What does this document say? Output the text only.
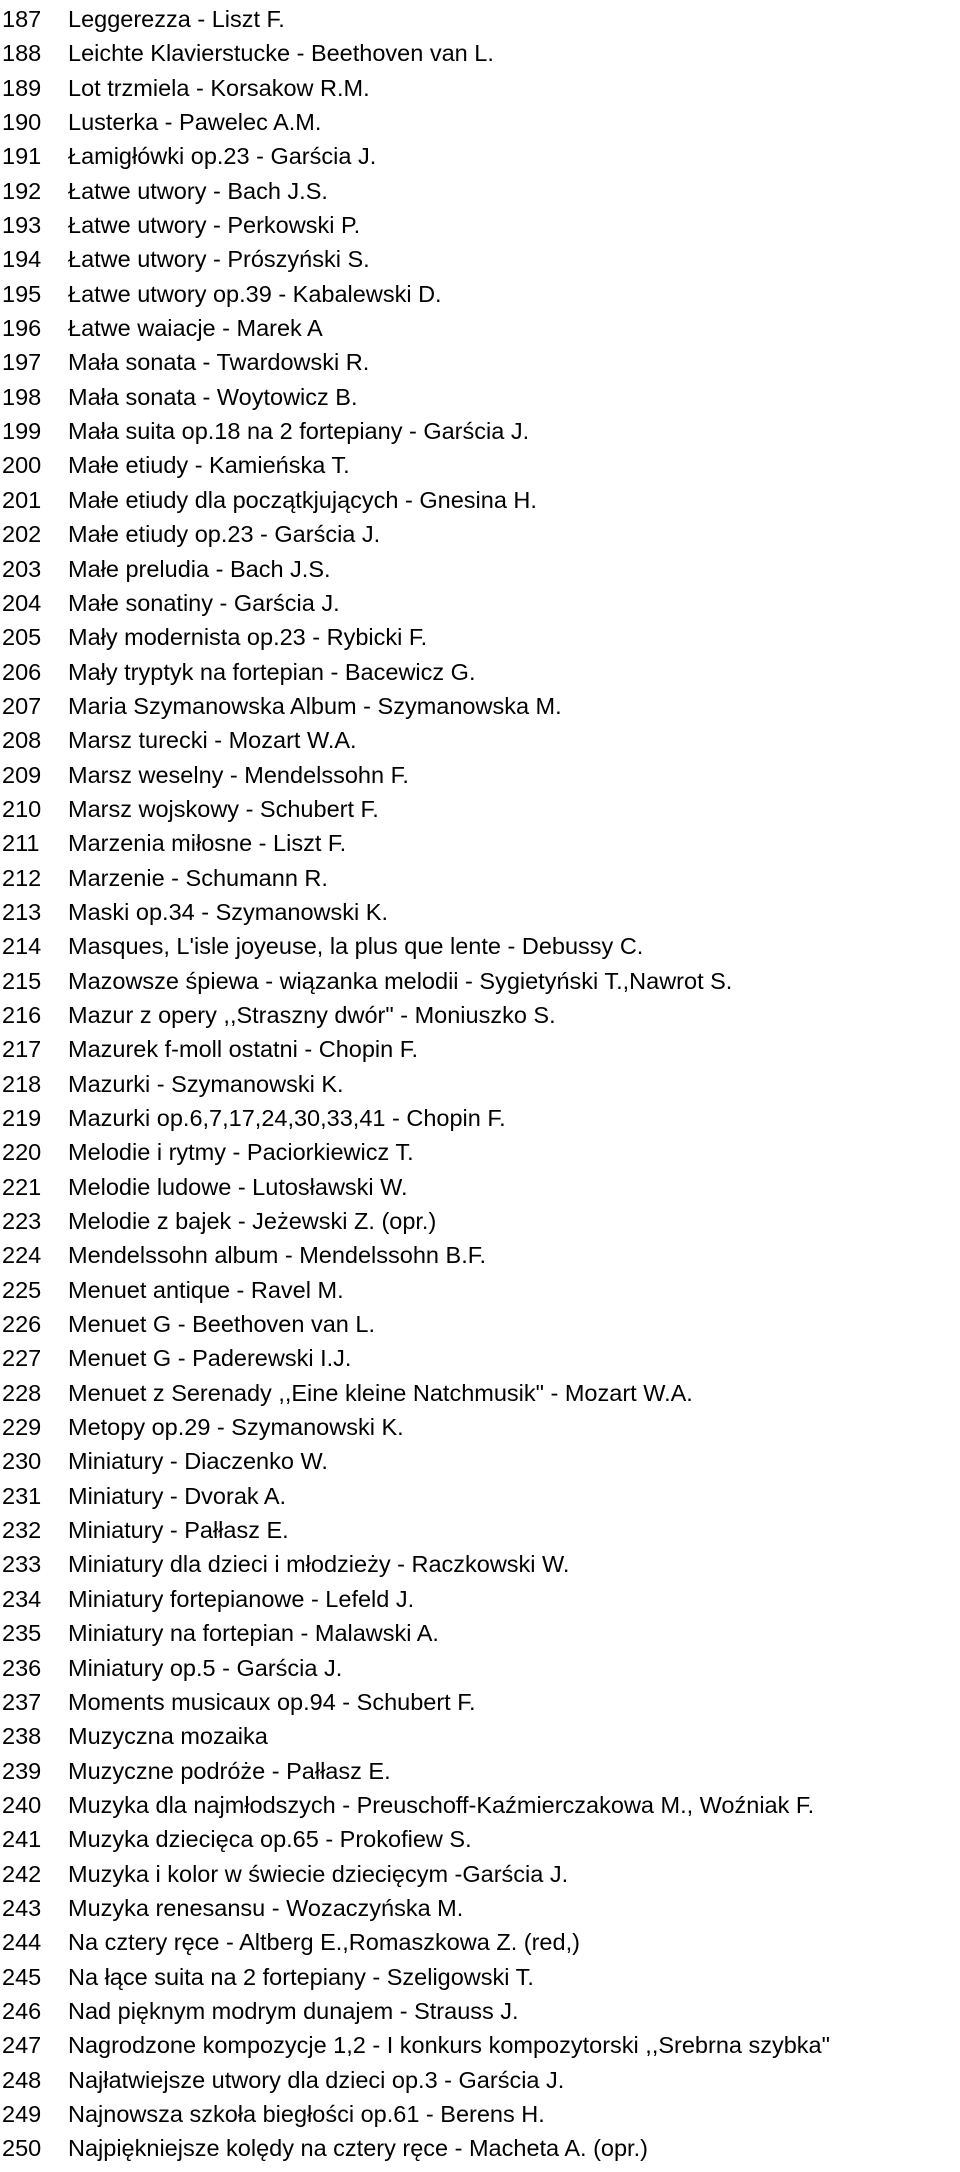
187	Leggerezza - Liszt F.
188	Leichte Klavierstucke - Beethoven van L.
189	Lot trzmiela - Korsakow R.M.
190	Lusterka - Pawelec A.M.
191	Łamigłówki op.23 - Garścia J.
192	Łatwe utwory - Bach J.S.
193	Łatwe utwory - Perkowski P.
194	Łatwe utwory - Prószyński S.
195	Łatwe utwory op.39 - Kabalewski D.
196	Łatwe waiacje - Marek A
197	Mała sonata - Twardowski R.
198	Mała sonata - Woytowicz B.
199	Mała suita op.18 na 2 fortepiany - Garścia J.
200	Małe etiudy - Kamieńska T.
201	Małe etiudy dla początkjujących - Gnesina H.
202	Małe etiudy op.23 - Garścia J.
203	Małe preludia - Bach J.S.
204	Małe sonatiny - Garścia J.
205	Mały modernista op.23 - Rybicki F.
206	Mały tryptyk na fortepian - Bacewicz G.
207	Maria Szymanowska Album - Szymanowska M.
208	Marsz turecki - Mozart W.A.
209	Marsz weselny - Mendelssohn F.
210	Marsz wojskowy - Schubert F.
211	Marzenia miłosne - Liszt F.
212	Marzenie - Schumann R.
213	Maski op.34 - Szymanowski K.
214	Masques, L'isle joyeuse, la plus que lente - Debussy C.
215	Mazowsze śpiewa - wiązanka melodii - Sygietyński T.,Nawrot S.
216	Mazur z opery ,,Straszny dwór" - Moniuszko S.
217	Mazurek f-moll ostatni - Chopin F.
218	Mazurki - Szymanowski K.
219	Mazurki op.6,7,17,24,30,33,41 - Chopin F.
220	Melodie i rytmy - Paciorkiewicz T.
221	Melodie ludowe - Lutosławski W.
223	Melodie z bajek - Jeżewski Z. (opr.)
224	Mendelssohn album - Mendelssohn B.F.
225	Menuet antique - Ravel M.
226	Menuet G - Beethoven van L.
227	Menuet G - Paderewski I.J.
228	Menuet z Serenady ,,Eine kleine Natchmusik" - Mozart W.A.
229	Metopy op.29 - Szymanowski K.
230	Miniatury - Diaczenko W.
231	Miniatury - Dvorak A.
232	Miniatury - Pałłasz E.
233	Miniatury dla dzieci i młodzieży - Raczkowski W.
234	Miniatury fortepianowe - Lefeld J.
235	Miniatury na fortepian - Malawski A.
236	Miniatury op.5 - Garścia J.
237	Moments musicaux op.94 - Schubert F.
238	Muzyczna mozaika
239	Muzyczne podróże - Pałłasz E.
240	Muzyka dla najmłodszych - Preuschoff-Kaźmierczakowa M., Woźniak F.
241	Muzyka dziecięca op.65 - Prokofiew S.
242	Muzyka i kolor w świecie dziecięcym -Garścia J.
243	Muzyka renesansu - Wozaczyńska M.
244	Na cztery ręce - Altberg E.,Romaszkowa Z. (red,)
245	Na łące suita na 2 fortepiany - Szeligowski T.
246	Nad pięknym modrym dunajem - Strauss J.
247	Nagrodzone kompozycje 1,2 - I konkurs kompozytorski ,,Srebrna szybka"
248	Najłatwiejsze utwory dla dzieci op.3 - Garścia J.
249	Najnowsza szkoła biegłości op.61 - Berens H.
250	Najpiękniejsze kolędy na cztery ręce - Macheta A. (opr.)
